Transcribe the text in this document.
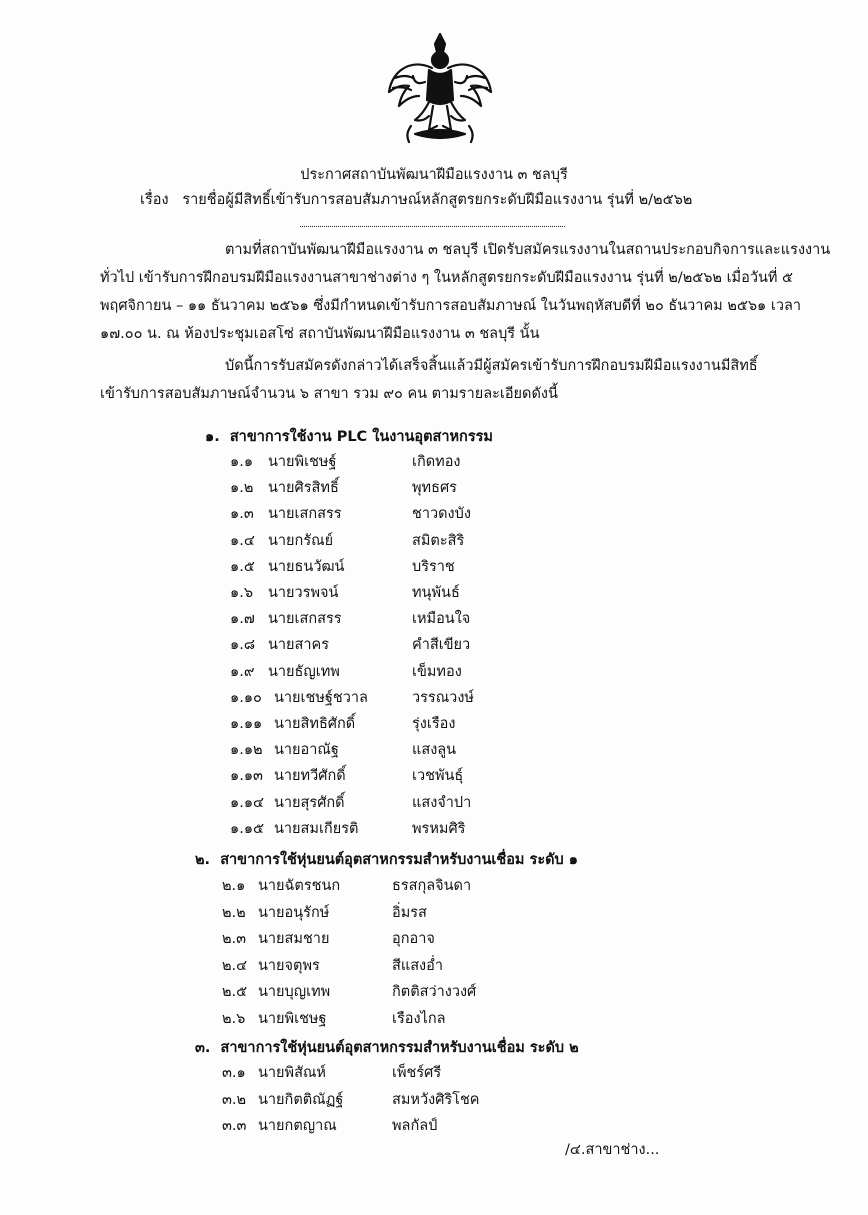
ประกาศสถาบันพัฒนาฝีมือแรงงาน ๓ ชลบุรี
เรื่อง รายชื่อผู้มีสิทธิ์เข้ารับการสอบสัมภาษณ์หลักสูตรยกระดับฝีมือแรงงาน รุ่นที่ ๒/๒๕๖๒
ตามที่สถาบันพัฒนาฝีมือแรงงาน ๓ ชลบุรี เปิดรับสมัครแรงงานในสถานประกอบกิจการและแรงงาน
ทั่วไป เข้ารับการฝึกอบรมฝีมือแรงงานสาขาช่างต่าง ๆ ในหลักสูตรยกระดับฝีมือแรงงาน รุ่นที่ ๒/๒๕๖๒ เมื่อวันที่ ๕
พฤศจิกายน – ๑๑ ธันวาคม ๒๕๖๑ ซึ่งมีกำหนดเข้ารับการสอบสัมภาษณ์ ในวันพฤหัสบดีที่ ๒๐ ธันวาคม ๒๕๖๑ เวลา
๑๗.๐๐ น. ณ ห้องประชุมเอสโซ่ สถาบันพัฒนาฝีมือแรงงาน ๓ ชลบุรี นั้น
บัดนี้การรับสมัครดังกล่าวได้เสร็จสิ้นแล้วมีผู้สมัครเข้ารับการฝึกอบรมฝีมือแรงงานมีสิทธิ์
เข้ารับการสอบสัมภาษณ์จำนวน ๖ สาขา รวม ๙๐ คน ตามรายละเอียดดังนี้
๑. สาขาการใช้งาน PLC ในงานอุตสาหกรรม
๑.๑ นายพิเชษฐ์	เกิดทอง
๑.๒ นายศิรสิทธิ์	พุทธศร
๑.๓ นายเสกสรร	ชาวดงบัง
๑.๔ นายกรัณย์	สมิตะสิริ
๑.๕ นายธนวัฒน์	บริราช
๑.๖ นายวรพจน์	ทนุพันธ์
๑.๗ นายเสกสรร	เหมือนใจ
๑.๘ นายสาคร	คำสีเขียว
๑.๙ นายธัญเทพ	เข็มทอง
๑.๑๐ นายเชษฐ์ชวาล	วรรณวงษ์
๑.๑๑ นายสิทธิศักดิ์	รุ่งเรือง
๑.๑๒ นายอาณัฐ	แสงลูน
๑.๑๓ นายทวีศักดิ์	เวชพันธุ์
๑.๑๔ นายสุรศักดิ์	แสงจำปา
๑.๑๕ นายสมเกียรติ	พรหมศิริ
๒. สาขาการใช้หุ่นยนต์อุตสาหกรรมสำหรับงานเชื่อม ระดับ ๑
๒.๑ นายฉัตรชนก	ธรสกุลจินดา
๒.๒ นายอนุรักษ์	อิ่มรส
๒.๓ นายสมชาย	อุกอาจ
๒.๔ นายจตุพร	สีแสงอ่ำ
๒.๕ นายบุญเทพ	กิตติสว่างวงศ์
๒.๖ นายพิเชษฐ	เรืองไกล
๓. สาขาการใช้หุ่นยนต์อุตสาหกรรมสำหรับงานเชื่อม ระดับ ๒
๓.๑ นายพิสัณห์	เพ็ชร์ศรี
๓.๒ นายกิตติณัฏฐ์	สมหวังศิริโชค
๓.๓ นายกตญาณ	พลกัลป์
/๔.สาขาช่าง...
